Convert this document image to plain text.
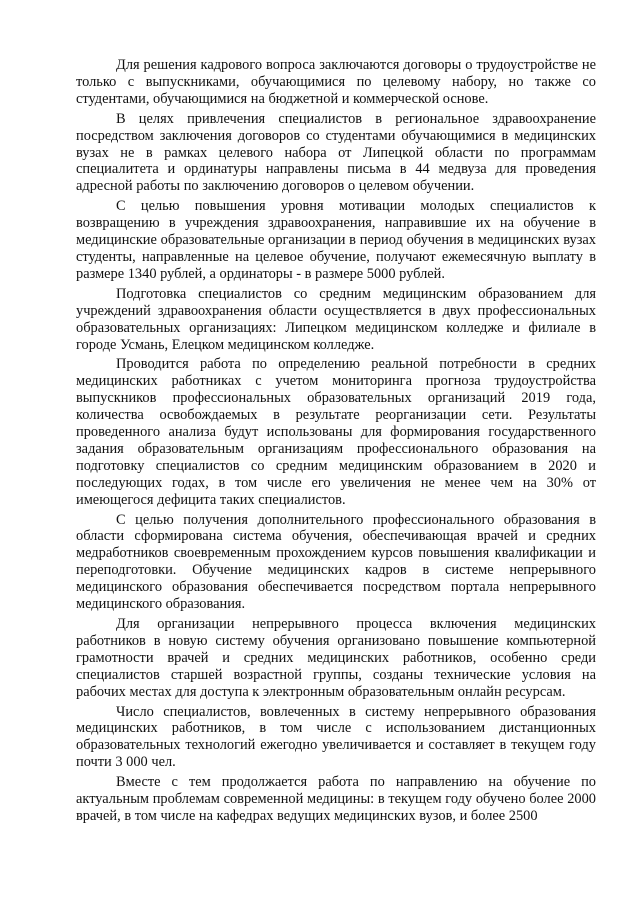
Для решения кадрового вопроса заключаются договоры о трудоустройстве не только с выпускниками, обучающимися по целевому набору, но также со студентами, обучающимися на бюджетной и коммерческой основе.

В целях привлечения специалистов в региональное здравоохранение посредством заключения договоров со студентами обучающимися в медицинских вузах не в рамках целевого набора от Липецкой области по программам специалитета и ординатуры направлены письма в 44 медвуза для проведения адресной работы по заключению договоров о целевом обучении.

С целью повышения уровня мотивации молодых специалистов к возвращению в учреждения здравоохранения, направившие их на обучение в медицинские образовательные организации в период обучения в медицинских вузах студенты, направленные на целевое обучение, получают ежемесячную выплату в размере 1340 рублей, а ординаторы - в размере 5000 рублей.

Подготовка специалистов со средним медицинским образованием для учреждений здравоохранения области осуществляется в двух профессиональных образовательных организациях: Липецком медицинском колледже и филиале в городе Усмань, Елецком медицинском колледже.

Проводится работа по определению реальной потребности в средних медицинских работниках с учетом мониторинга прогноза трудоустройства выпускников профессиональных образовательных организаций 2019 года, количества освобождаемых в результате реорганизации сети. Результаты проведенного анализа будут использованы для формирования государственного задания образовательным организациям профессионального образования на подготовку специалистов со средним медицинским образованием в 2020 и последующих годах, в том числе его увеличения не менее чем на 30% от имеющегося дефицита таких специалистов.

С целью получения дополнительного профессионального образования в области сформирована система обучения, обеспечивающая врачей и средних медработников своевременным прохождением курсов повышения квалификации и переподготовки. Обучение медицинских кадров в системе непрерывного медицинского образования обеспечивается посредством портала непрерывного медицинского образования.

Для организации непрерывного процесса включения медицинских работников в новую систему обучения организовано повышение компьютерной грамотности врачей и средних медицинских работников, особенно среди специалистов старшей возрастной группы, созданы технические условия на рабочих местах для доступа к электронным образовательным онлайн ресурсам.

Число специалистов, вовлеченных в систему непрерывного образования медицинских работников, в том числе с использованием дистанционных образовательных технологий ежегодно увеличивается и составляет в текущем году почти 3 000 чел.

Вместе с тем продолжается работа по направлению на обучение по актуальным проблемам современной медицины: в текущем году обучено более 2000 врачей, в том числе на кафедрах ведущих медицинских вузов, и более 2500
